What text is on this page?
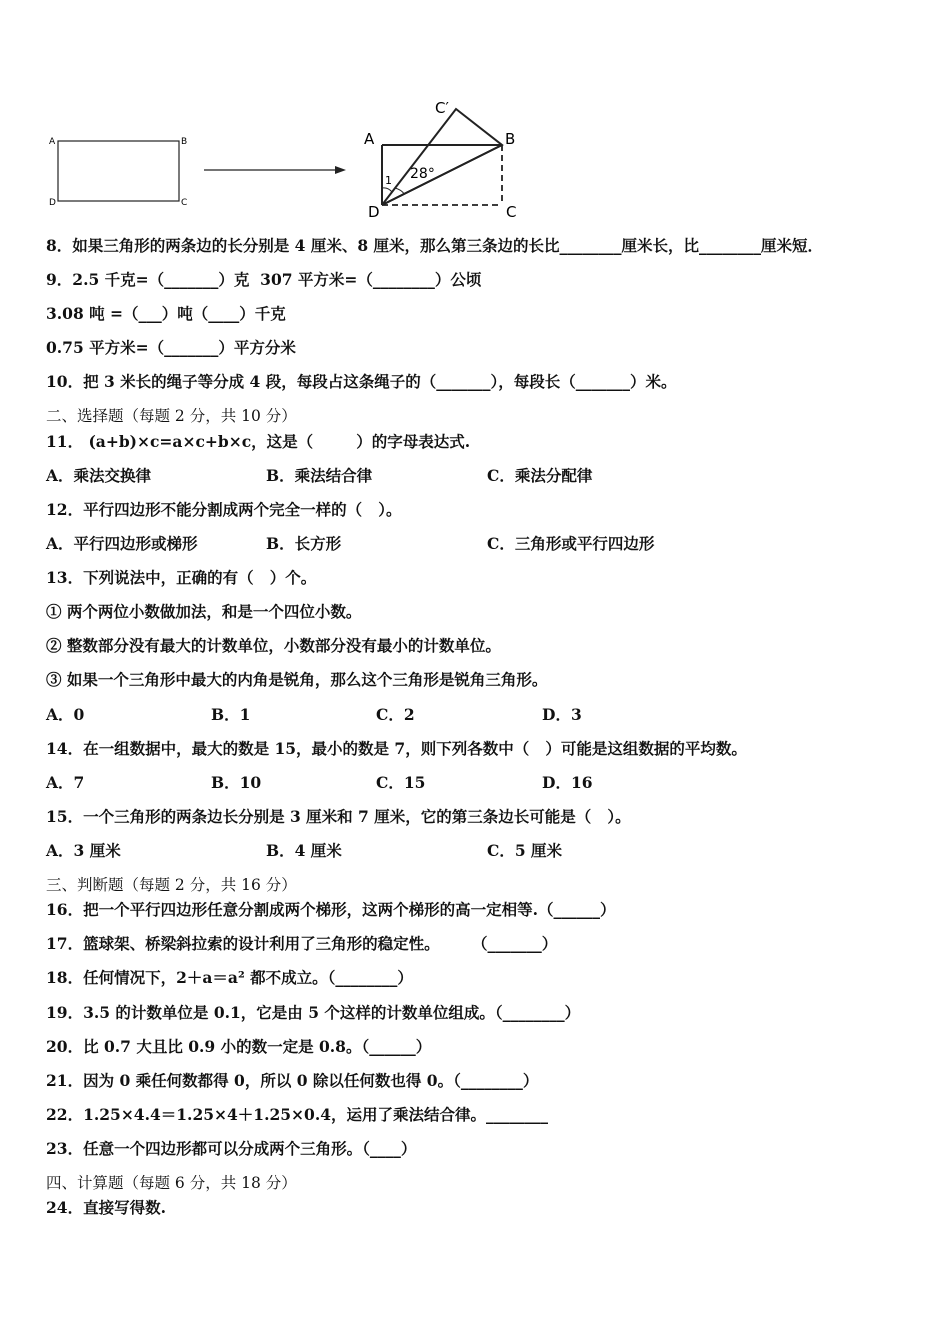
A	B
C
D
A	B
C
D
C′
28°
1
8．如果三角形的两条边的长分别是 4 厘米、8 厘米，那么第三条边的长比________厘米长，比________厘米短．
9．2.5 千克=（_______）克  307 平方米=（________）公顷
3.08 吨 =（___）吨（____）千克
0.75 平方米=（_______）平方分米
10．把 3 米长的绳子等分成 4 段，每段占这条绳子的（_______），每段长（_______）米。
二、选择题（每题 2 分，共 10 分）
11． (a+b)×c=a×c+b×c，这是（        ）的字母表达式.
A．乘法交换律	B．乘法结合律	C．乘法分配律
12．平行四边形不能分割成两个完全一样的（   ）。
A．平行四边形或梯形	B．长方形	C．三角形或平行四边形
13．下列说法中，正确的有（   ）个。
① 两个两位小数做加法，和是一个四位小数。
② 整数部分没有最大的计数单位，小数部分没有最小的计数单位。
③ 如果一个三角形中最大的内角是锐角，那么这个三角形是锐角三角形。
A．0	B．1	C．2	D．3
14．在一组数据中，最大的数是 15，最小的数是 7，则下列各数中（   ）可能是这组数据的平均数。
A．7	B．10	C．15	D．16
15．一个三角形的两条边长分别是 3 厘米和 7 厘米，它的第三条边长可能是（   ）。
A．3 厘米	B．4 厘米	C．5 厘米
三、判断题（每题 2 分，共 16 分）
16．把一个平行四边形任意分割成两个梯形，这两个梯形的高一定相等.（______）
17．篮球架、桥梁斜拉索的设计利用了三角形的稳定性。      （_______）
18．任何情况下，2＋a＝a² 都不成立。（________）
19．3.5 的计数单位是 0.1，它是由 5 个这样的计数单位组成。（________）
20．比 0.7 大且比 0.9 小的数一定是 0.8。（______）
21．因为 0 乘任何数都得 0，所以 0 除以任何数也得 0。（________）
22．1.25×4.4＝1.25×4＋1.25×0.4，运用了乘法结合律。________
23．任意一个四边形都可以分成两个三角形。（____）
四、计算题（每题 6 分，共 18 分）
24．直接写得数.
